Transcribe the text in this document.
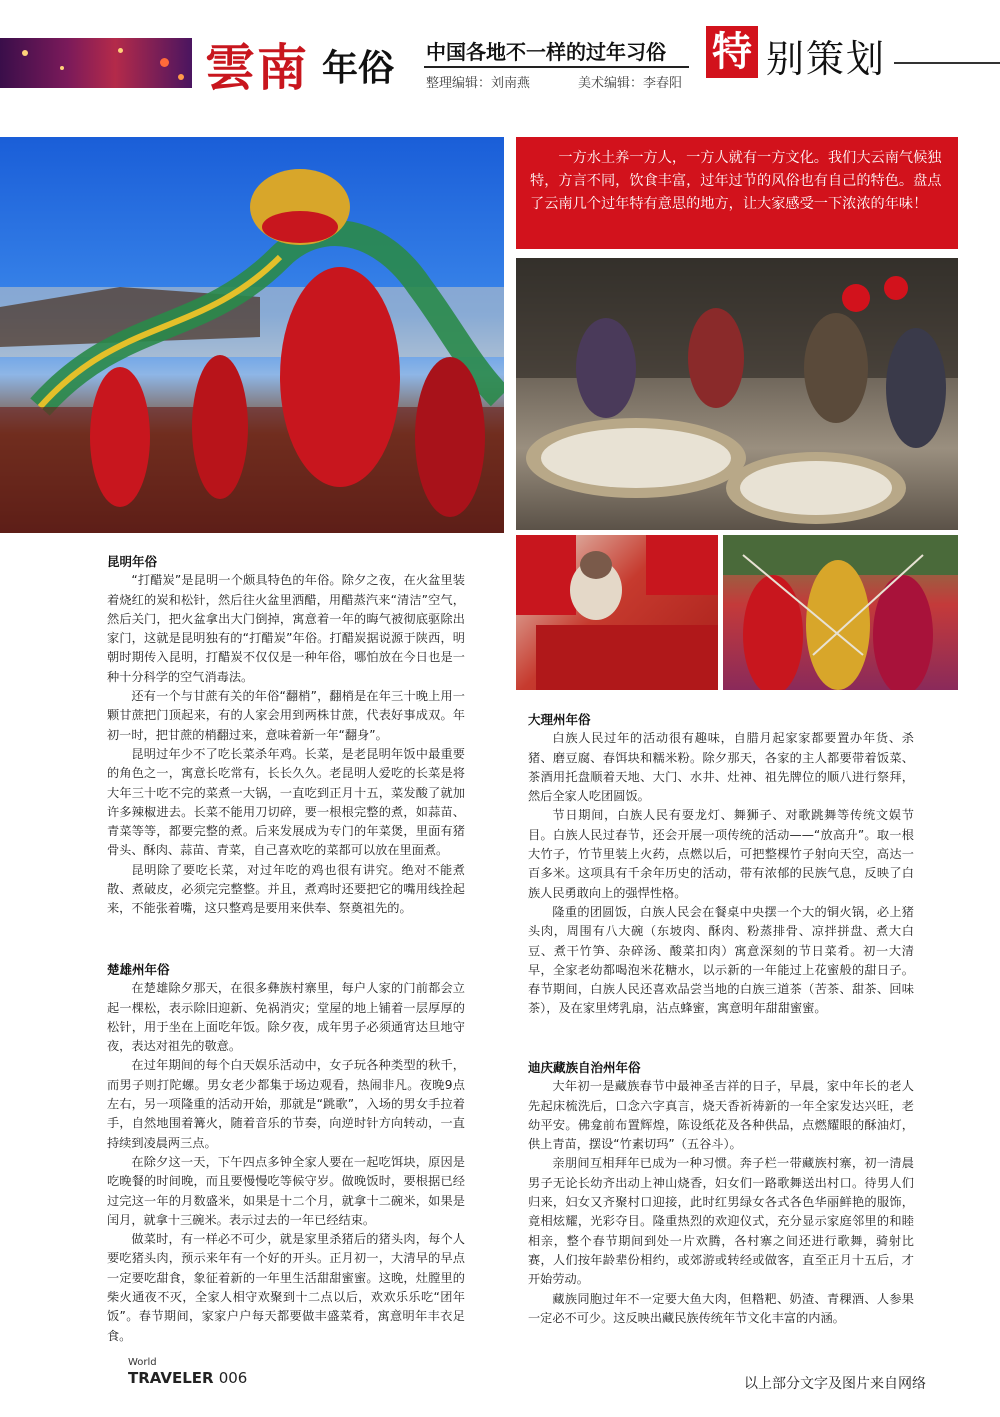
雲南 年俗 中国各地不一样的过年习俗
整理编辑：刘南燕	美术编辑：李春阳
特 别策划
一方水土养一方人，一方人就有一方文化。我们大云南气候独特，方言不同，饮食丰富，过年过节的风俗也有自己的特色。盘点了云南几个过年特有意思的地方，让大家感受一下浓浓的年味！
昆明年俗

“打醋炭”是昆明一个颇具特色的年俗。除夕之夜，在火盆里装着烧红的炭和松针，然后往火盆里洒醋，用醋蒸汽来“清洁”空气，然后关门，把火盆拿出大门倒掉，寓意着一年的晦气被彻底驱除出家门，这就是昆明独有的“打醋炭”年俗。打醋炭据说源于陕西，明朝时期传入昆明，打醋炭不仅仅是一种年俗，哪怕放在今日也是一种十分科学的空气消毒法。

还有一个与甘蔗有关的年俗“翻梢”，翻梢是在年三十晚上用一颗甘蔗把门顶起来，有的人家会用到两株甘蔗，代表好事成双。年初一时，把甘蔗的梢翻过来，意味着新一年“翻身”。

昆明过年少不了吃长菜杀年鸡。长菜，是老昆明年饭中最重要的角色之一，寓意长吃常有，长长久久。老昆明人爱吃的长菜是将大年三十吃不完的菜煮一大锅，一直吃到正月十五，菜发酸了就加许多辣椒进去。长菜不能用刀切碎，要一根根完整的煮，如蒜苗、青菜等等，都要完整的煮。后来发展成为专门的年菜煲，里面有猪骨头、酥肉、蒜苗、青菜，自己喜欢吃的菜都可以放在里面煮。

昆明除了要吃长菜，对过年吃的鸡也很有讲究。绝对不能煮散、煮破皮，必须完完整整。并且，煮鸡时还要把它的嘴用线拴起来，不能张着嘴，这只整鸡是要用来供奉、祭奠祖先的。

楚雄州年俗

在楚雄除夕那天，在很多彝族村寨里，每户人家的门前都会立起一棵松，表示除旧迎新、免祸消灾；堂屋的地上铺着一层厚厚的松针，用于坐在上面吃年饭。除夕夜，成年男子必须通宵达旦地守夜，表达对祖先的敬意。

在过年期间的每个白天娱乐活动中，女子玩各种类型的秋千，而男子则打陀螺。男女老少都集于场边观看，热闹非凡。夜晚9点左右，另一项隆重的活动开始，那就是“跳歌”，入场的男女手拉着手，自然地围着篝火，随着音乐的节奏，向逆时针方向转动，一直持续到凌晨两三点。

在除夕这一天，下午四点多钟全家人要在一起吃饵块，原因是吃晚餐的时间晚，而且要慢慢吃等候守岁。做晚饭时，要根据已经过完这一年的月数盛米，如果是十二个月，就拿十二碗米，如果是闰月，就拿十三碗米。表示过去的一年已经结束。

做菜时，有一样必不可少，就是家里杀猪后的猪头肉，每个人要吃猪头肉，预示来年有一个好的开头。正月初一，大清早的早点一定要吃甜食，象征着新的一年里生活甜甜蜜蜜。这晚，灶膛里的柴火通夜不灭，全家人相守欢聚到十二点以后，欢欢乐乐吃“团年饭”。春节期间，家家户户每天都要做丰盛菜肴，寓意明年丰衣足食。

大理州年俗

白族人民过年的活动很有趣味，自腊月起家家都要置办年货、杀猪、磨豆腐、春饵块和糯米粉。除夕那天，各家的主人都要带着饭菜、茶酒用托盘顺着天地、大门、水井、灶神、祖先牌位的顺八进行祭拜，然后全家人吃团圆饭。

节日期间，白族人民有耍龙灯、舞狮子、对歌跳舞等传统文娱节目。白族人民过春节，还会开展一项传统的活动——“放高升”。取一根大竹子，竹节里装上火药，点燃以后，可把整棵竹子射向天空，高达一百多米。这项具有千余年历史的活动，带有浓郁的民族气息，反映了白族人民勇敢向上的强悍性格。

隆重的团圆饭，白族人民会在餐桌中央摆一个大的铜火锅，必上猪头肉，周围有八大碗（东坡肉、酥肉、粉蒸排骨、凉拌拼盘、煮大白豆、煮干竹笋、杂碎汤、酸菜扣肉）寓意深刻的节日菜肴。初一大清早，全家老幼都喝泡米花糖水，以示新的一年能过上花蜜般的甜日子。春节期间，白族人民还喜欢品尝当地的白族三道茶（苦茶、甜茶、回味茶），及在家里烤乳扇，沾点蜂蜜，寓意明年甜甜蜜蜜。

迪庆藏族自治州年俗

大年初一是藏族春节中最神圣吉祥的日子，早晨，家中年长的老人先起床梳洗后，口念六字真言，烧天香祈祷新的一年全家发达兴旺，老幼平安。佛龛前布置辉煌，陈设纸花及各种供品，点燃耀眼的酥油灯，供上青苗，摆设“竹素切玛”（五谷斗）。

亲朋间互相拜年已成为一种习惯。奔子栏一带藏族村寨，初一清晨男子无论长幼齐出动上神山烧香，妇女们一路歌舞送出村口。待男人们归来，妇女又齐聚村口迎接，此时红男绿女各式各色华丽鲜艳的服饰，竟相炫耀，光彩夺目。隆重热烈的欢迎仪式，充分显示家庭邻里的和睦相亲，整个春节期间到处一片欢腾，各村寨之间还进行歌舞，骑射比赛，人们按年龄辈份相约，或郊游或转经或做客，直至正月十五后，才开始劳动。

藏族同胞过年不一定要大鱼大肉，但糌粑、奶渣、青稞酒、人参果一定必不可少。这反映出藏民族传统年节文化丰富的内涵。

World
TRAVELER 006	以上部分文字及图片来自网络
